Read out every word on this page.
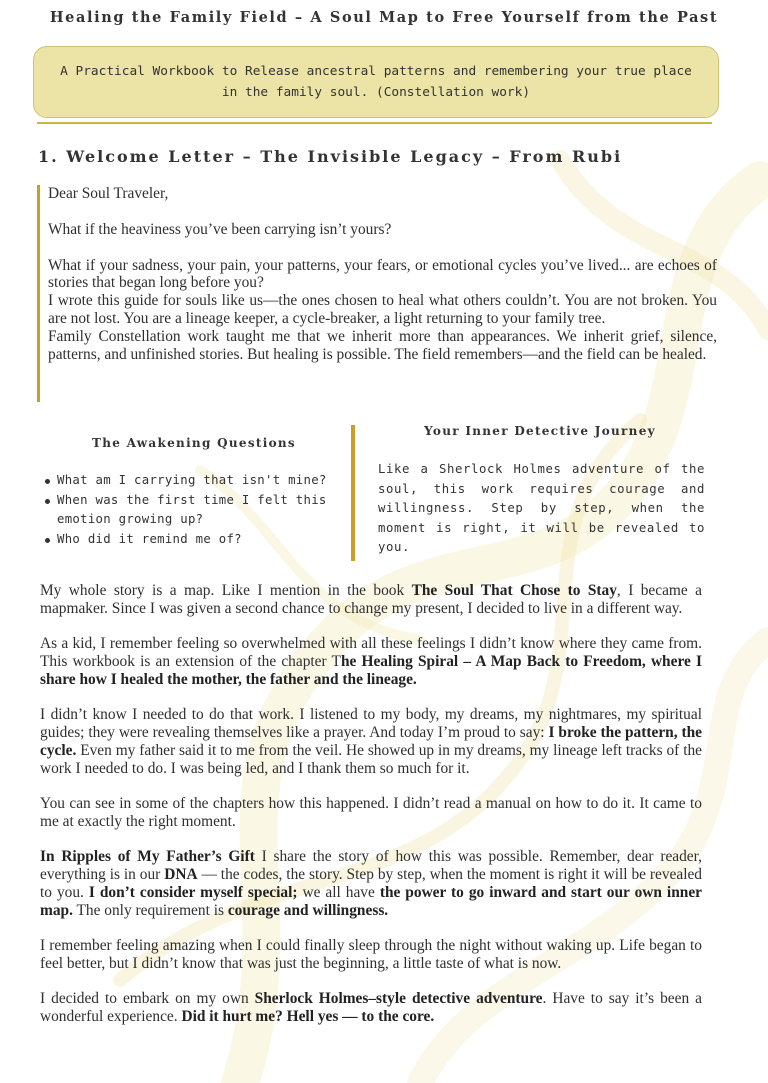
Healing the Family Field – A Soul Map to Free Yourself from the Past
A Practical Workbook to Release ancestral patterns and remembering your true place in the family soul. (Constellation work)
1. Welcome Letter – The Invisible Legacy – From Rubi

Dear Soul Traveler,

What if the heaviness you’ve been carrying isn’t yours?

What if your sadness, your pain, your patterns, your fears, or emotional cycles you’ve lived... are echoes of stories that began long before you?

I wrote this guide for souls like us—the ones chosen to heal what others couldn’t. You are not broken. You are not lost. You are a lineage keeper, a cycle-breaker, a light returning to your family tree.

Family Constellation work taught me that we inherit more than appearances. We inherit grief, silence, patterns, and unfinished stories. But healing is possible. The field remembers—and the field can be healed.

The Awakening Questions
What am I carrying that isn't mine?
When was the first time I felt this emotion growing up?
Who did it remind me of?
Your Inner Detective Journey

Like a Sherlock Holmes adventure of the soul, this work requires courage and willingness. Step by step, when the moment is right, it will be revealed to you.

My whole story is a map. Like I mention in the book The Soul That Chose to Stay, I became a mapmaker. Since I was given a second chance to change my present, I decided to live in a different way.

As a kid, I remember feeling so overwhelmed with all these feelings I didn’t know where they came from. This workbook is an extension of the chapter The Healing Spiral – A Map Back to Freedom, where I share how I healed the mother, the father and the lineage.

I didn’t know I needed to do that work. I listened to my body, my dreams, my nightmares, my spiritual guides; they were revealing themselves like a prayer. And today I’m proud to say: I broke the pattern, the cycle. Even my father said it to me from the veil. He showed up in my dreams, my lineage left tracks of the work I needed to do. I was being led, and I thank them so much for it.

You can see in some of the chapters how this happened. I didn’t read a manual on how to do it. It came to me at exactly the right moment.

In Ripples of My Father’s Gift I share the story of how this was possible. Remember, dear reader, everything is in our DNA — the codes, the story. Step by step, when the moment is right it will be revealed to you. I don’t consider myself special; we all have the power to go inward and start our own inner map. The only requirement is courage and willingness.

I remember feeling amazing when I could finally sleep through the night without waking up. Life began to feel better, but I didn’t know that was just the beginning, a little taste of what is now.

I decided to embark on my own Sherlock Holmes–style detective adventure. Have to say it’s been a wonderful experience. Did it hurt me? Hell yes — to the core.
